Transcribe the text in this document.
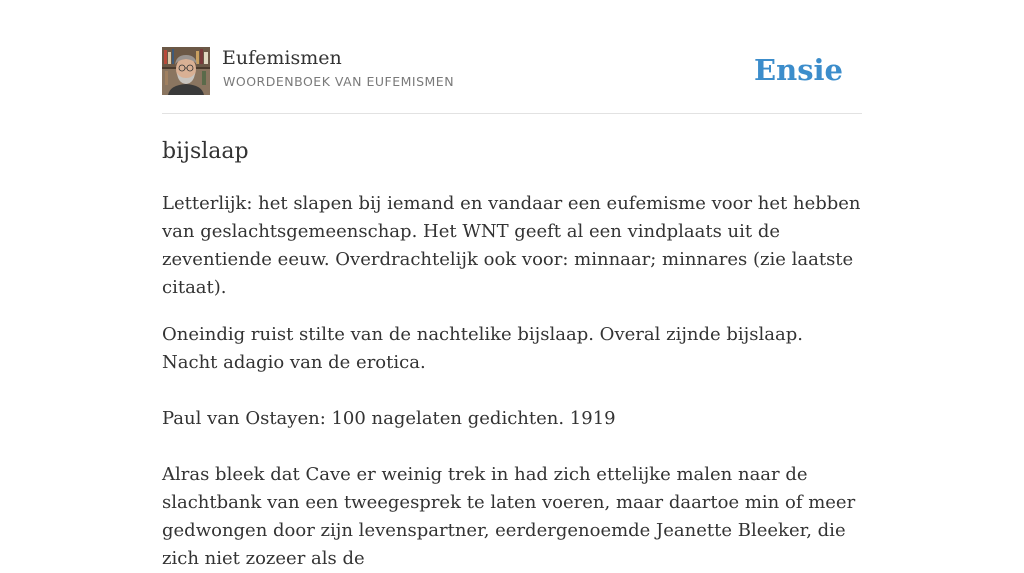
Eufemismen
WOORDENBOEK VAN EUFEMISMEN	Ensie
bijslaap

Letterlijk: het slapen bij iemand en vandaar een eufemisme voor het hebben van geslachtsgemeenschap. Het WNT geeft al een vindplaats uit de zeventiende eeuw. Overdrachtelijk ook voor: minnaar; minnares (zie laatste citaat).

Oneindig ruist stilte van de nachtelike bijslaap. Overal zijnde bijslaap. Nacht adagio van de erotica.

Paul van Ostayen: 100 nagelaten gedichten. 1919

Alras bleek dat Cave er weinig trek in had zich ettelijke malen naar de slachtbank van een tweegesprek te laten voeren, maar daartoe min of meer gedwongen door zijn levenspartner, eerdergenoemde Jeanette Bleeker, die zich niet zozeer als de
